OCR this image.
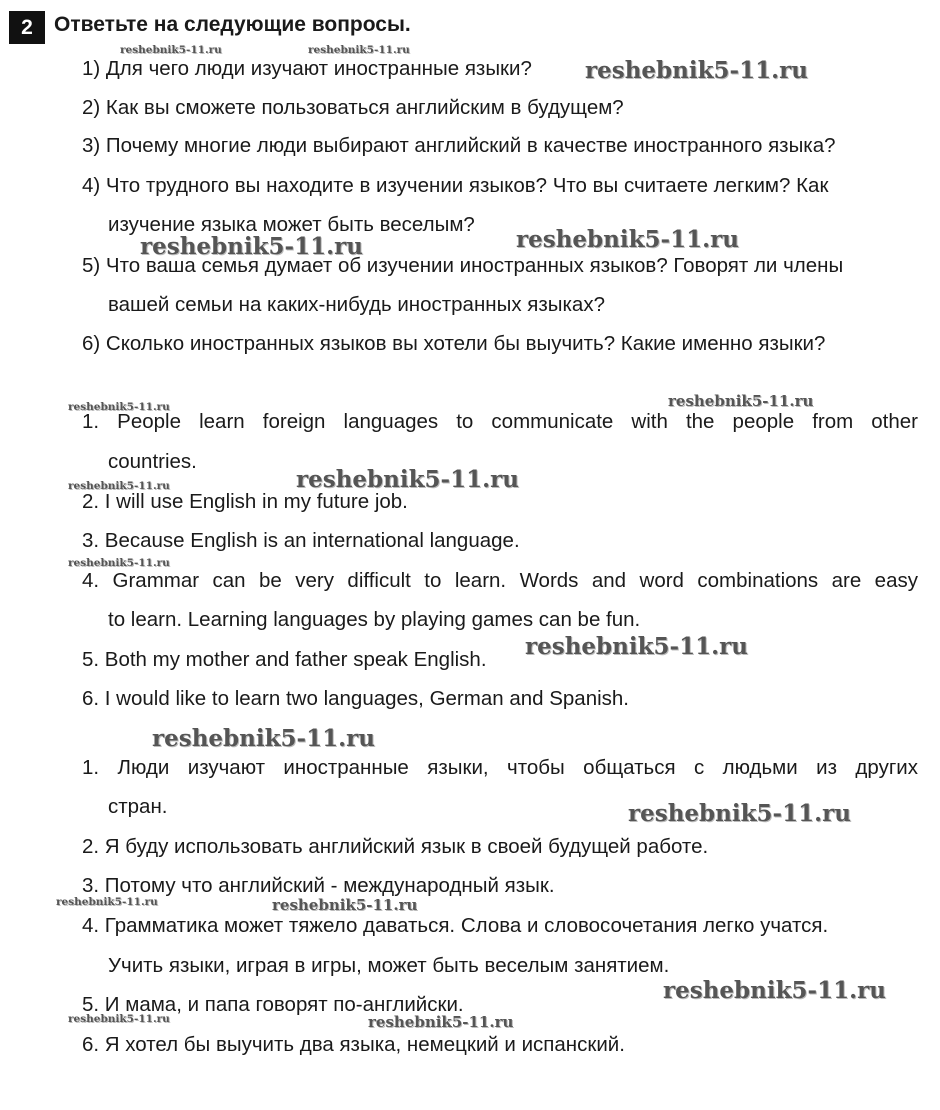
2	Ответьте на следующие вопросы.
1) Для чего люди изучают иностранные языки?
2) Как вы сможете пользоваться английским в будущем?
3) Почему многие люди выбирают английский в качестве иностранного языка?
4) Что трудного вы находите в изучении языков? Что вы считаете легким? Как
изучение языка может быть веселым?
5) Что ваша семья думает об изучении иностранных языков? Говорят ли члены
вашей семьи на каких-нибудь иностранных языках?
6) Сколько иностранных языков вы хотели бы выучить? Какие именно языки?
1. People learn foreign languages to communicate with the people from other
countries.
2. I will use English in my future job.
3. Because English is an international language.
4. Grammar can be very difficult to learn. Words and word combinations are easy
to learn. Learning languages by playing games can be fun.
5. Both my mother and father speak English.
6. I would like to learn two languages, German and Spanish.
1. Люди изучают иностранные языки, чтобы общаться с людьми из других
стран.
2. Я буду использовать английский язык в своей будущей работе.
3. Потому что английский - международный язык.
4. Грамматика может тяжело даваться. Слова и словосочетания легко учатся.
Учить языки, играя в игры, может быть веселым занятием.
5. И мама, и папа говорят по-английски.
6. Я хотел бы выучить два языка, немецкий и испанский.
reshebnik5-11.ru	reshebnik5-11.ru
reshebnik5-11.ru
reshebnik5-11.ru	reshebnik5-11.ru
reshebnik5-11.ru	reshebnik5-11.ru
reshebnik5-11.ru
reshebnik5-11.ru
reshebnik5-11.ru
reshebnik5-11.ru
reshebnik5-11.ru
reshebnik5-11.ru
reshebnik5-11.ru	reshebnik5-11.ru
reshebnik5-11.ru
reshebnik5-11.ru	reshebnik5-11.ru
